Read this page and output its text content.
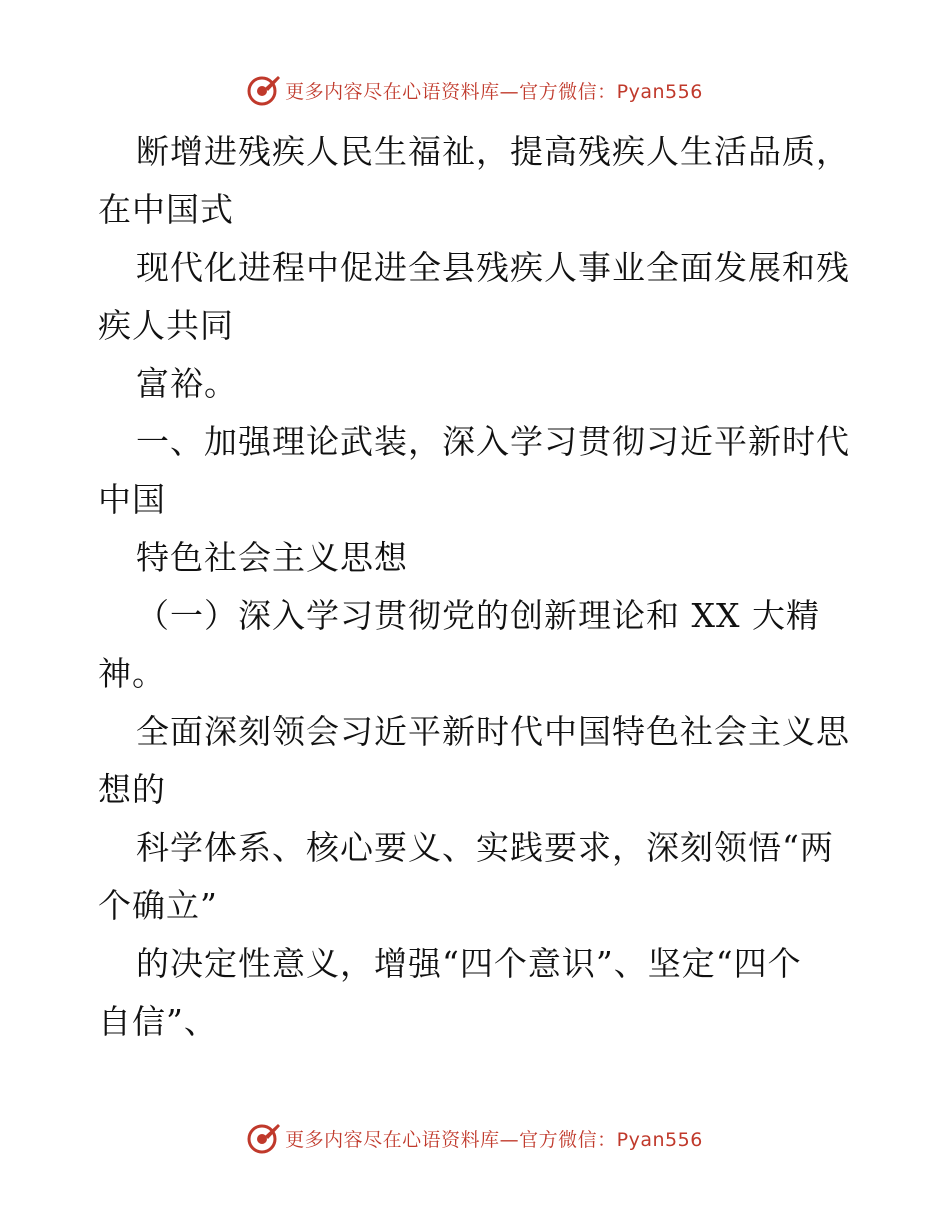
更多内容尽在心语资料库—官方微信：Pyan556

断增进残疾人民生福祉，提高残疾人生活品质，
在中国式

现代化进程中促进全县残疾人事业全面发展和残
疾人共同

富裕。

一、加强理论武装，深入学习贯彻习近平新时代
中国

特色社会主义思想

（一）深入学习贯彻党的创新理论和 XX 大精
神。

全面深刻领会习近平新时代中国特色社会主义思
想的

科学体系、核心要义、实践要求，深刻领悟“两
个确立”

的决定性意义，增强“四个意识”、坚定“四个
自信”、

更多内容尽在心语资料库—官方微信：Pyan556
